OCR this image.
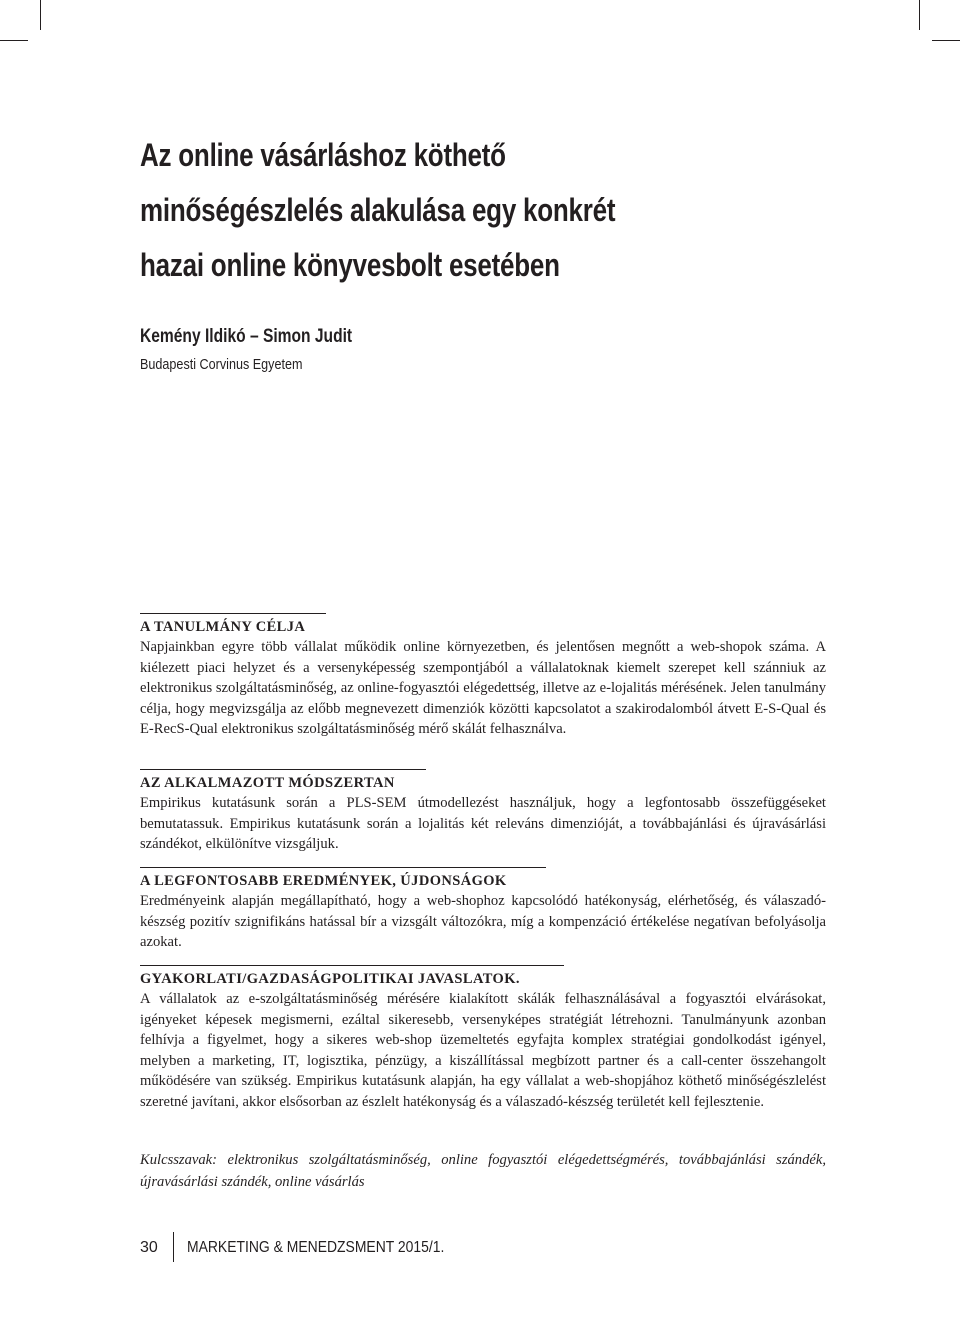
Az online vásárláshoz köthető
minőségészlelés alakulása egy konkrét
hazai online könyvesbolt esetében
Kemény Ildikó – Simon Judit
Budapesti Corvinus Egyetem
A TANULMÁNY CÉLJA

Napjainkban egyre több vállalat működik online környezetben, és jelentősen megnőtt a web-shopok száma. A kiélezett piaci helyzet és a versenyképesség szempontjából a vállalatoknak kiemelt szerepet kell szánniuk az elektronikus szolgáltatásminőség, az online-fogyasztói elégedettség, illetve az e-lojalitás mérésének. Jelen tanulmány célja, hogy megvizsgálja az előbb megnevezett dimenziók közötti kapcsolatot a szakirodalomból átvett E-S-Qual és E-RecS-Qual elektronikus szolgáltatásminőség mérő skálát felhasználva.

AZ ALKALMAZOTT MÓDSZERTAN

Empirikus kutatásunk során a PLS-SEM útmodellezést használjuk, hogy a legfontosabb összefüggéseket bemutatassuk. Empirikus kutatásunk során a lojalitás két releváns dimenzióját, a továbbajánlási és újravásárlási szándékot, elkülönítve vizsgáljuk.

A LEGFONTOSABB EREDMÉNYEK, ÚJDONSÁGOK

Eredményeink alapján megállapítható, hogy a web-shophoz kapcsolódó hatékonyság, elérhetőség, és válaszadó-készség pozitív szignifikáns hatással bír a vizsgált változókra, míg a kompenzáció értékelése negatívan befolyásolja azokat.

GYAKORLATI/GAZDASÁGPOLITIKAI JAVASLATOK.

A vállalatok az e-szolgáltatásminőség mérésére kialakított skálák felhasználásával a fogyasztói elvárásokat, igényeket képesek megismerni, ezáltal sikeresebb, versenyképes stratégiát létrehozni. Tanulmányunk azonban felhívja a figyelmet, hogy a sikeres web-shop üzemeltetés egyfajta komplex stratégiai gondolkodást igényel, melyben a marketing, IT, logisztika, pénzügy, a kiszállítással megbízott partner és a call-center összehangolt működésére van szükség. Empirikus kutatásunk alapján, ha egy vállalat a web-shopjához köthető minőségészlelést szeretné javítani, akkor elsősorban az észlelt hatékonyság és a válaszadó-készség területét kell fejlesztenie.

Kulcsszavak: elektronikus szolgáltatásminőség, online fogyasztói elégedettségmérés, továbbajánlási szándék, újravásárlási szándék, online vásárlás
30 MARKETING & MENEDZSMENT 2015/1.
